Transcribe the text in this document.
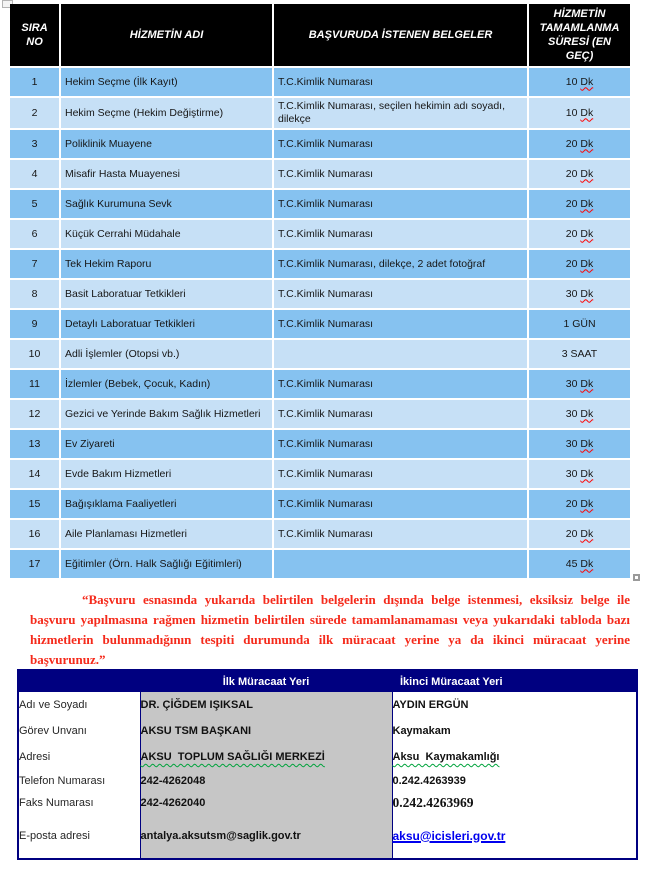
SIRA NO	HİZMETİN ADI	BAŞVURUDA İSTENEN BELGELER	HİZMETİN TAMAMLANMA SÜRESİ (EN GEÇ)
1	Hekim Seçme (İlk Kayıt)	T.C.Kimlik Numarası	10 Dk
2	Hekim Seçme (Hekim Değiştirme)	T.C.Kimlik Numarası, seçilen hekimin adı soyadı, dilekçe	10 Dk
3	Poliklinik Muayene	T.C.Kimlik Numarası	20 Dk
4	Misafir Hasta Muayenesi	T.C.Kimlik Numarası	20 Dk
5	Sağlık Kurumuna Sevk	T.C.Kimlik Numarası	20 Dk
6	Küçük Cerrahi Müdahale	T.C.Kimlik Numarası	20 Dk
7	Tek Hekim Raporu	T.C.Kimlik Numarası, dilekçe, 2 adet fotoğraf	20 Dk
8	Basit Laboratuar Tetkikleri	T.C.Kimlik Numarası	30 Dk
9	Detaylı Laboratuar Tetkikleri	T.C.Kimlik Numarası	1 GÜN
10	Adli İşlemler (Otopsi vb.)		3 SAAT
11	İzlemler (Bebek, Çocuk, Kadın)	T.C.Kimlik Numarası	30 Dk
12	Gezici ve Yerinde Bakım Sağlık Hizmetleri	T.C.Kimlik Numarası	30 Dk
13	Ev Ziyareti	T.C.Kimlik Numarası	30 Dk
14	Evde Bakım Hizmetleri	T.C.Kimlik Numarası	30 Dk
15	Bağışıklama Faaliyetleri	T.C.Kimlik Numarası	20 Dk
16	Aile Planlaması Hizmetleri	T.C.Kimlik Numarası	20 Dk
17	Eğitimler (Örn. Halk Sağlığı Eğitimleri)		45 Dk

“Başvuru esnasında yukarıda belirtilen belgelerin dışında belge istenmesi, eksiksiz belge ile başvuru yapılmasına rağmen hizmetin belirtilen sürede tamamlanamaması veya yukarıdaki tabloda bazı hizmetlerin bulunmadığının tespiti durumunda ilk müracaat yerine ya da ikinci müracaat yerine başvurunuz.”

	İlk Müracaat Yeri	İkinci Müracaat Yeri
Adı ve Soyadı	DR. ÇİĞDEM IŞIKSAL	AYDIN ERGÜN
Görev Unvanı	AKSU TSM BAŞKANI	Kaymakam
Adresi	AKSU  TOPLUM SAĞLIĞI MERKEZİ	Aksu  Kaymakamlığı
Telefon Numarası	242-4262048	0.242.4263939
Faks Numarası	242-4262040	0.242.4263969
E-posta adresi	antalya.aksutsm@saglik.gov.tr	aksu@icisleri.gov.tr
